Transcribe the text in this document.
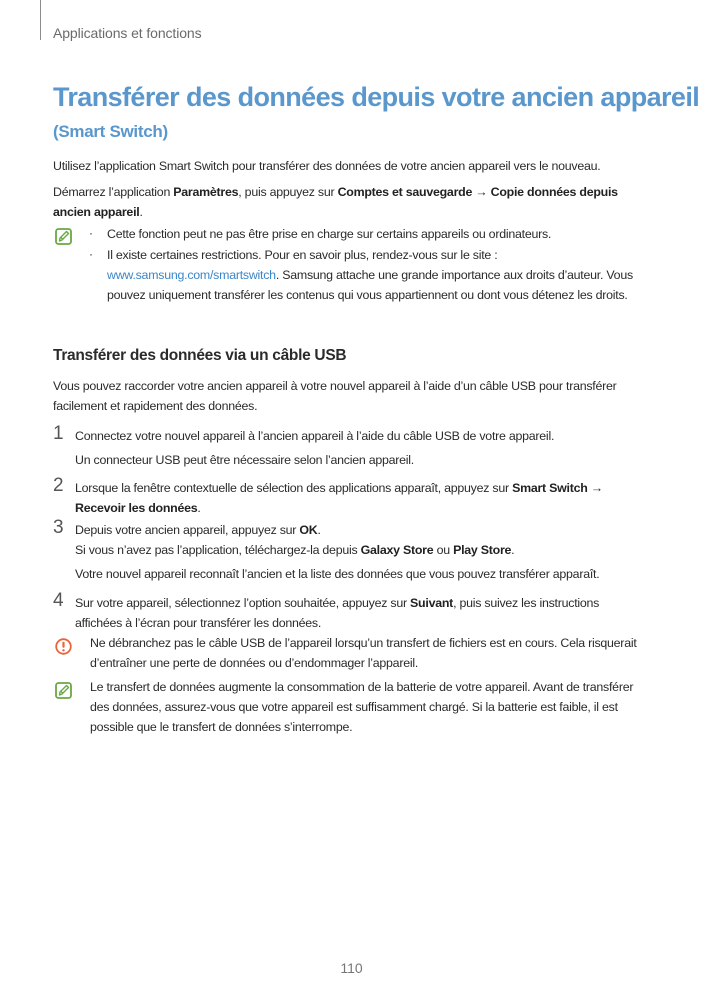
Applications et fonctions
Transférer des données depuis votre ancien appareil
(Smart Switch)
Utilisez l’application Smart Switch pour transférer des données de votre ancien appareil vers le nouveau.
Démarrez l’application Paramètres, puis appuyez sur Comptes et sauvegarde → Copie données depuis ancien appareil.
· Cette fonction peut ne pas être prise en charge sur certains appareils ou ordinateurs.
· Il existe certaines restrictions. Pour en savoir plus, rendez-vous sur le site :
www.samsung.com/smartswitch. Samsung attache une grande importance aux droits d’auteur. Vous pouvez uniquement transférer les contenus qui vous appartiennent ou dont vous détenez les droits.
Transférer des données via un câble USB
Vous pouvez raccorder votre ancien appareil à votre nouvel appareil à l’aide d’un câble USB pour transférer facilement et rapidement des données.
1 Connectez votre nouvel appareil à l’ancien appareil à l’aide du câble USB de votre appareil.
Un connecteur USB peut être nécessaire selon l’ancien appareil.
2 Lorsque la fenêtre contextuelle de sélection des applications apparaît, appuyez sur Smart Switch → Recevoir les données.
3 Depuis votre ancien appareil, appuyez sur OK.
Si vous n’avez pas l’application, téléchargez-la depuis Galaxy Store ou Play Store.
Votre nouvel appareil reconnaît l’ancien et la liste des données que vous pouvez transférer apparaît.
4 Sur votre appareil, sélectionnez l’option souhaitée, appuyez sur Suivant, puis suivez les instructions affichées à l’écran pour transférer les données.
Ne débranchez pas le câble USB de l’appareil lorsqu’un transfert de fichiers est en cours. Cela risquerait d’entraîner une perte de données ou d’endommager l’appareil.
Le transfert de données augmente la consommation de la batterie de votre appareil. Avant de transférer des données, assurez-vous que votre appareil est suffisamment chargé. Si la batterie est faible, il est possible que le transfert de données s’interrompe.
110
